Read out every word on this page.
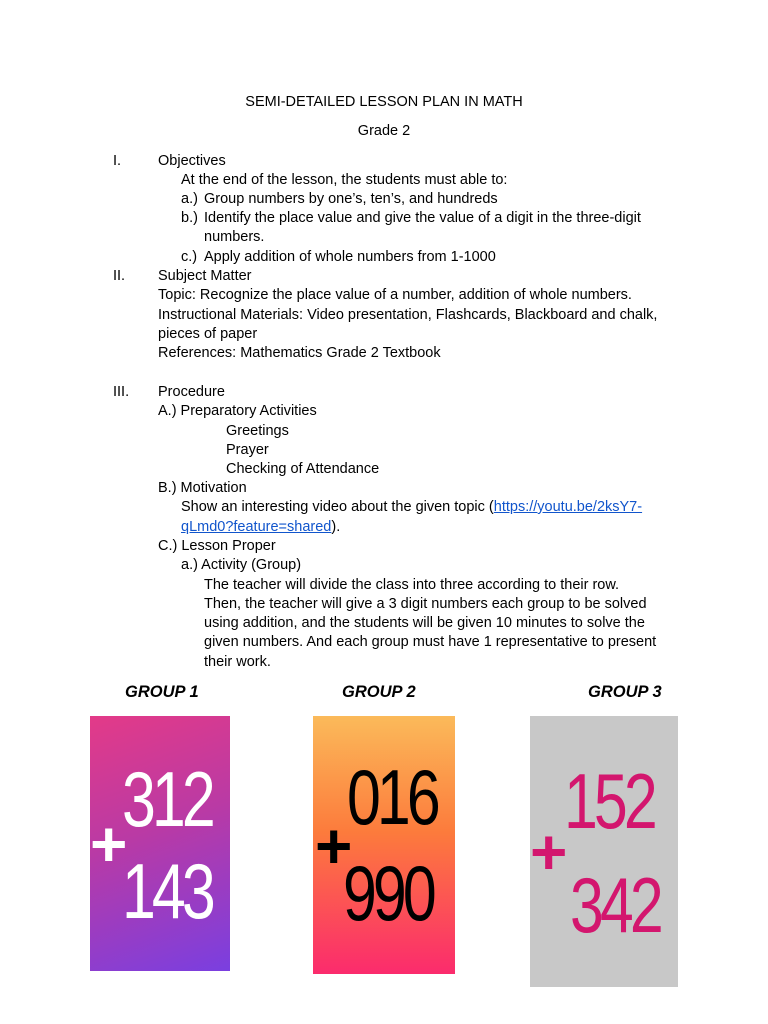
SEMI-DETAILED LESSON PLAN IN MATH
Grade 2
I.	Objectives
At the end of the lesson, the students must able to:
a.) Group numbers by one’s, ten’s, and hundreds
b.) Identify the place value and give the value of a digit in the three-digit
numbers.
c.) Apply addition of whole numbers from 1-1000
II. Subject Matter
Topic: Recognize the place value of a number, addition of whole numbers.
Instructional Materials: Video presentation, Flashcards, Blackboard and chalk,
pieces of paper
References: Mathematics Grade 2 Textbook
III. Procedure
A.) Preparatory Activities
Greetings
Prayer
Checking of Attendance
B.) Motivation
Show an interesting video about the given topic (https://youtu.be/2ksY7-
qLmd0?feature=shared).
C.) Lesson Proper
a.) Activity (Group)
The teacher will divide the class into three according to their row.
Then, the teacher will give a 3 digit numbers each group to be solved
using addition, and the students will be given 10 minutes to solve the
given numbers. And each group must have 1 representative to present
their work.
GROUP 1	GROUP 2	GROUP 3
312
+
143
016
+
990
152
+
342
